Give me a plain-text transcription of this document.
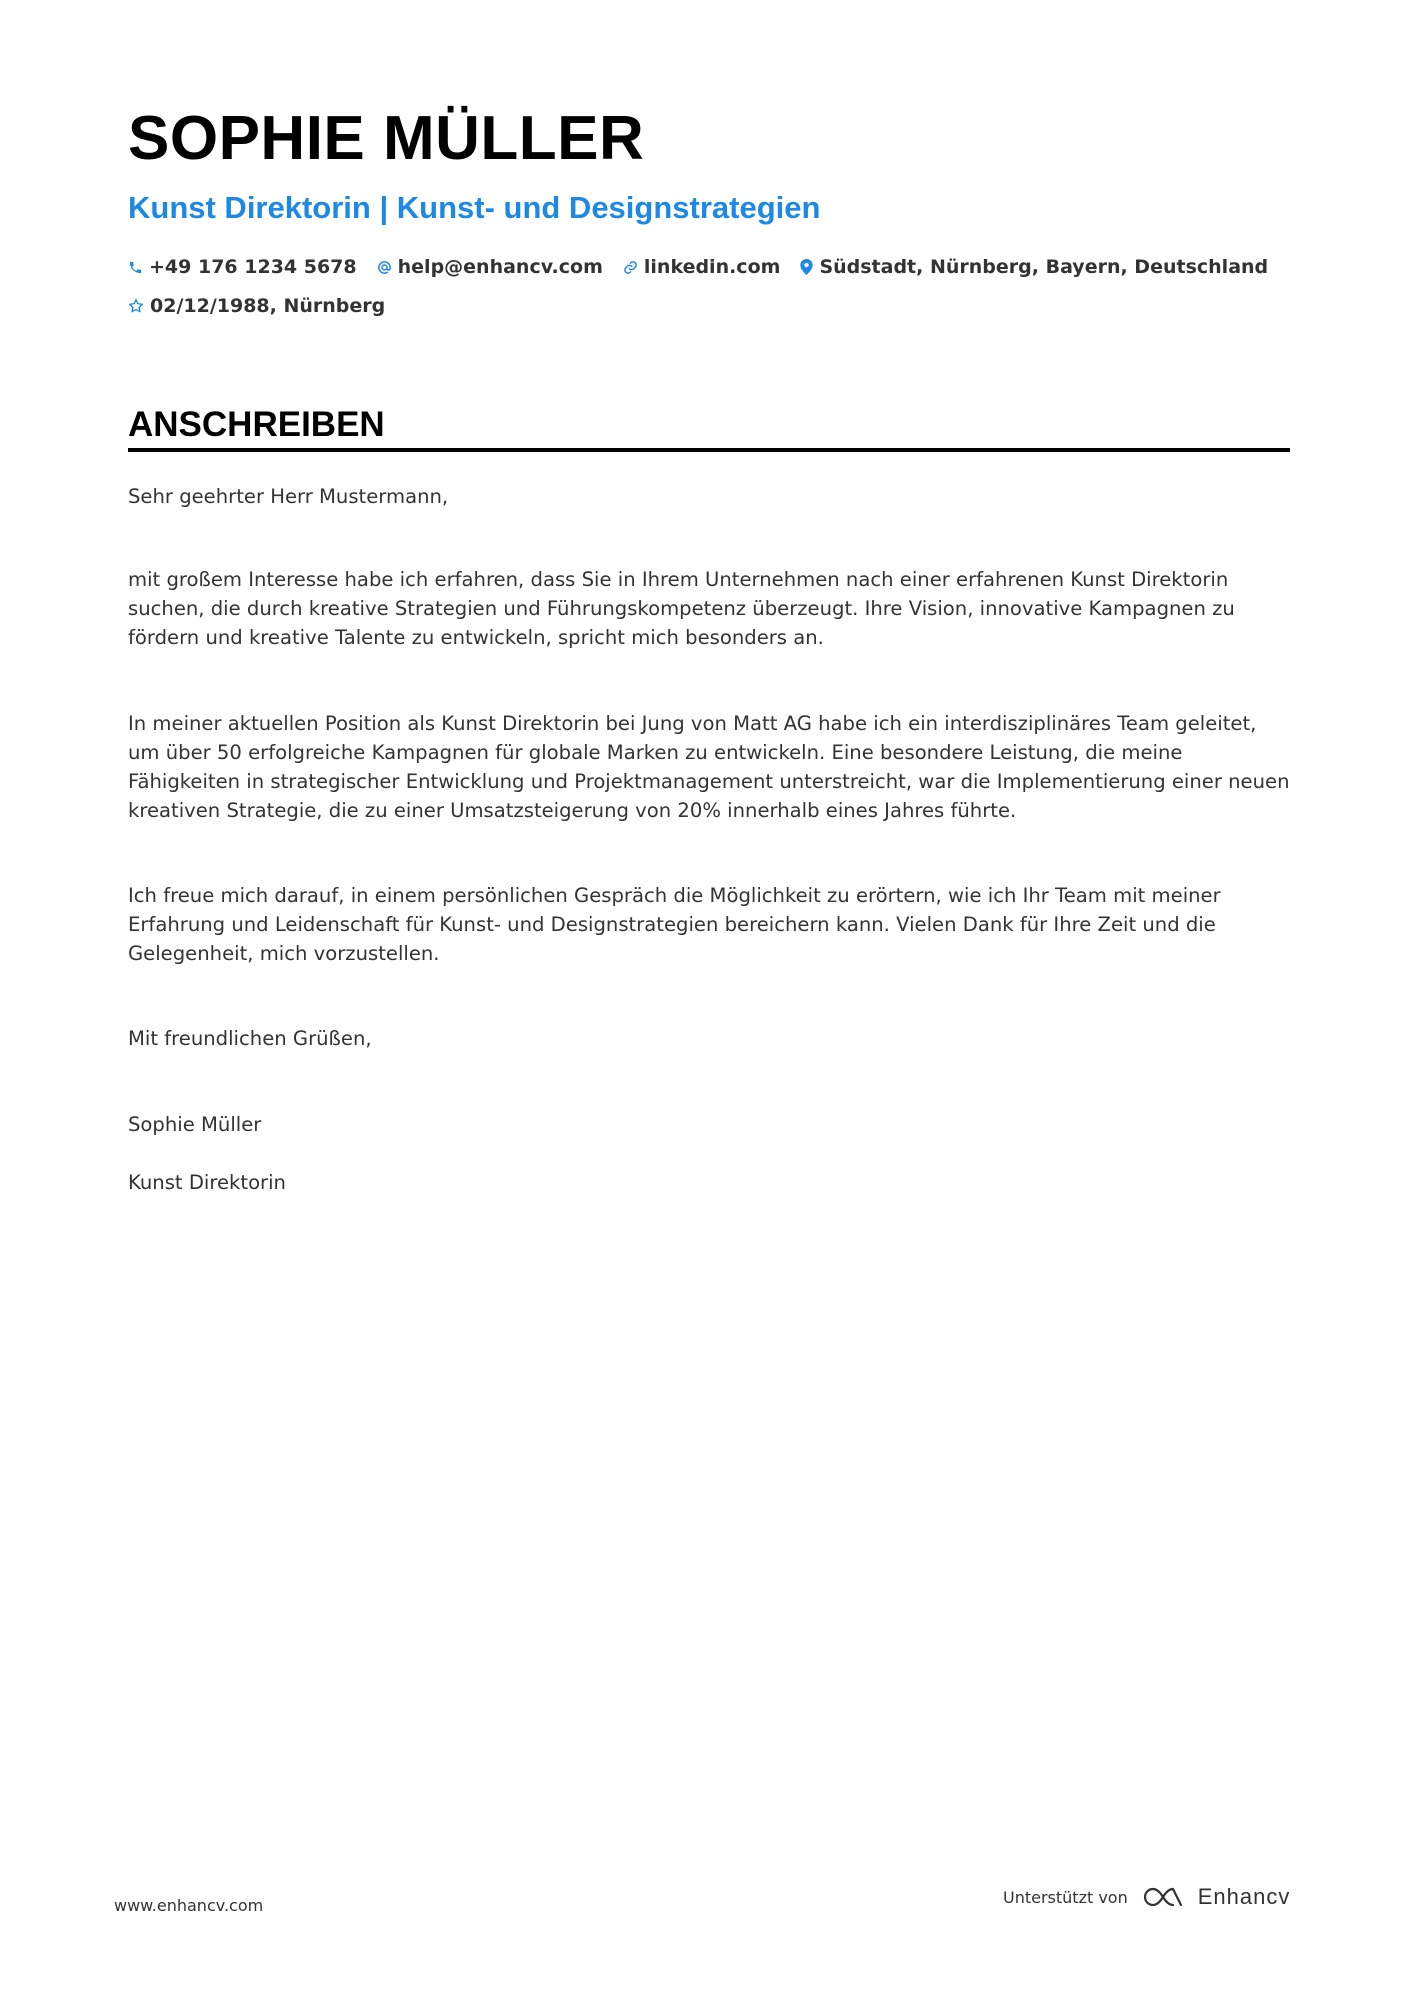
SOPHIE MÜLLER
Kunst Direktorin | Kunst- und Designstrategien
+49 176 1234 5678 help@enhancv.com linkedin.com Südstadt, Nürnberg, Bayern, Deutschland
02/12/1988, Nürnberg
ANSCHREIBEN
Sehr geehrter Herr Mustermann,
mit großem Interesse habe ich erfahren, dass Sie in Ihrem Unternehmen nach einer erfahrenen Kunst Direktorin suchen, die durch kreative Strategien und Führungskompetenz überzeugt. Ihre Vision, innovative Kampagnen zu fördern und kreative Talente zu entwickeln, spricht mich besonders an.
In meiner aktuellen Position als Kunst Direktorin bei Jung von Matt AG habe ich ein interdisziplinäres Team geleitet, um über 50 erfolgreiche Kampagnen für globale Marken zu entwickeln. Eine besondere Leistung, die meine Fähigkeiten in strategischer Entwicklung und Projektmanagement unterstreicht, war die Implementierung einer neuen kreativen Strategie, die zu einer Umsatzsteigerung von 20% innerhalb eines Jahres führte.
Ich freue mich darauf, in einem persönlichen Gespräch die Möglichkeit zu erörtern, wie ich Ihr Team mit meiner Erfahrung und Leidenschaft für Kunst- und Designstrategien bereichern kann. Vielen Dank für Ihre Zeit und die Gelegenheit, mich vorzustellen.
Mit freundlichen Grüßen,
Sophie Müller
Kunst Direktorin
www.enhancv.com	Unterstützt von	Enhancv
